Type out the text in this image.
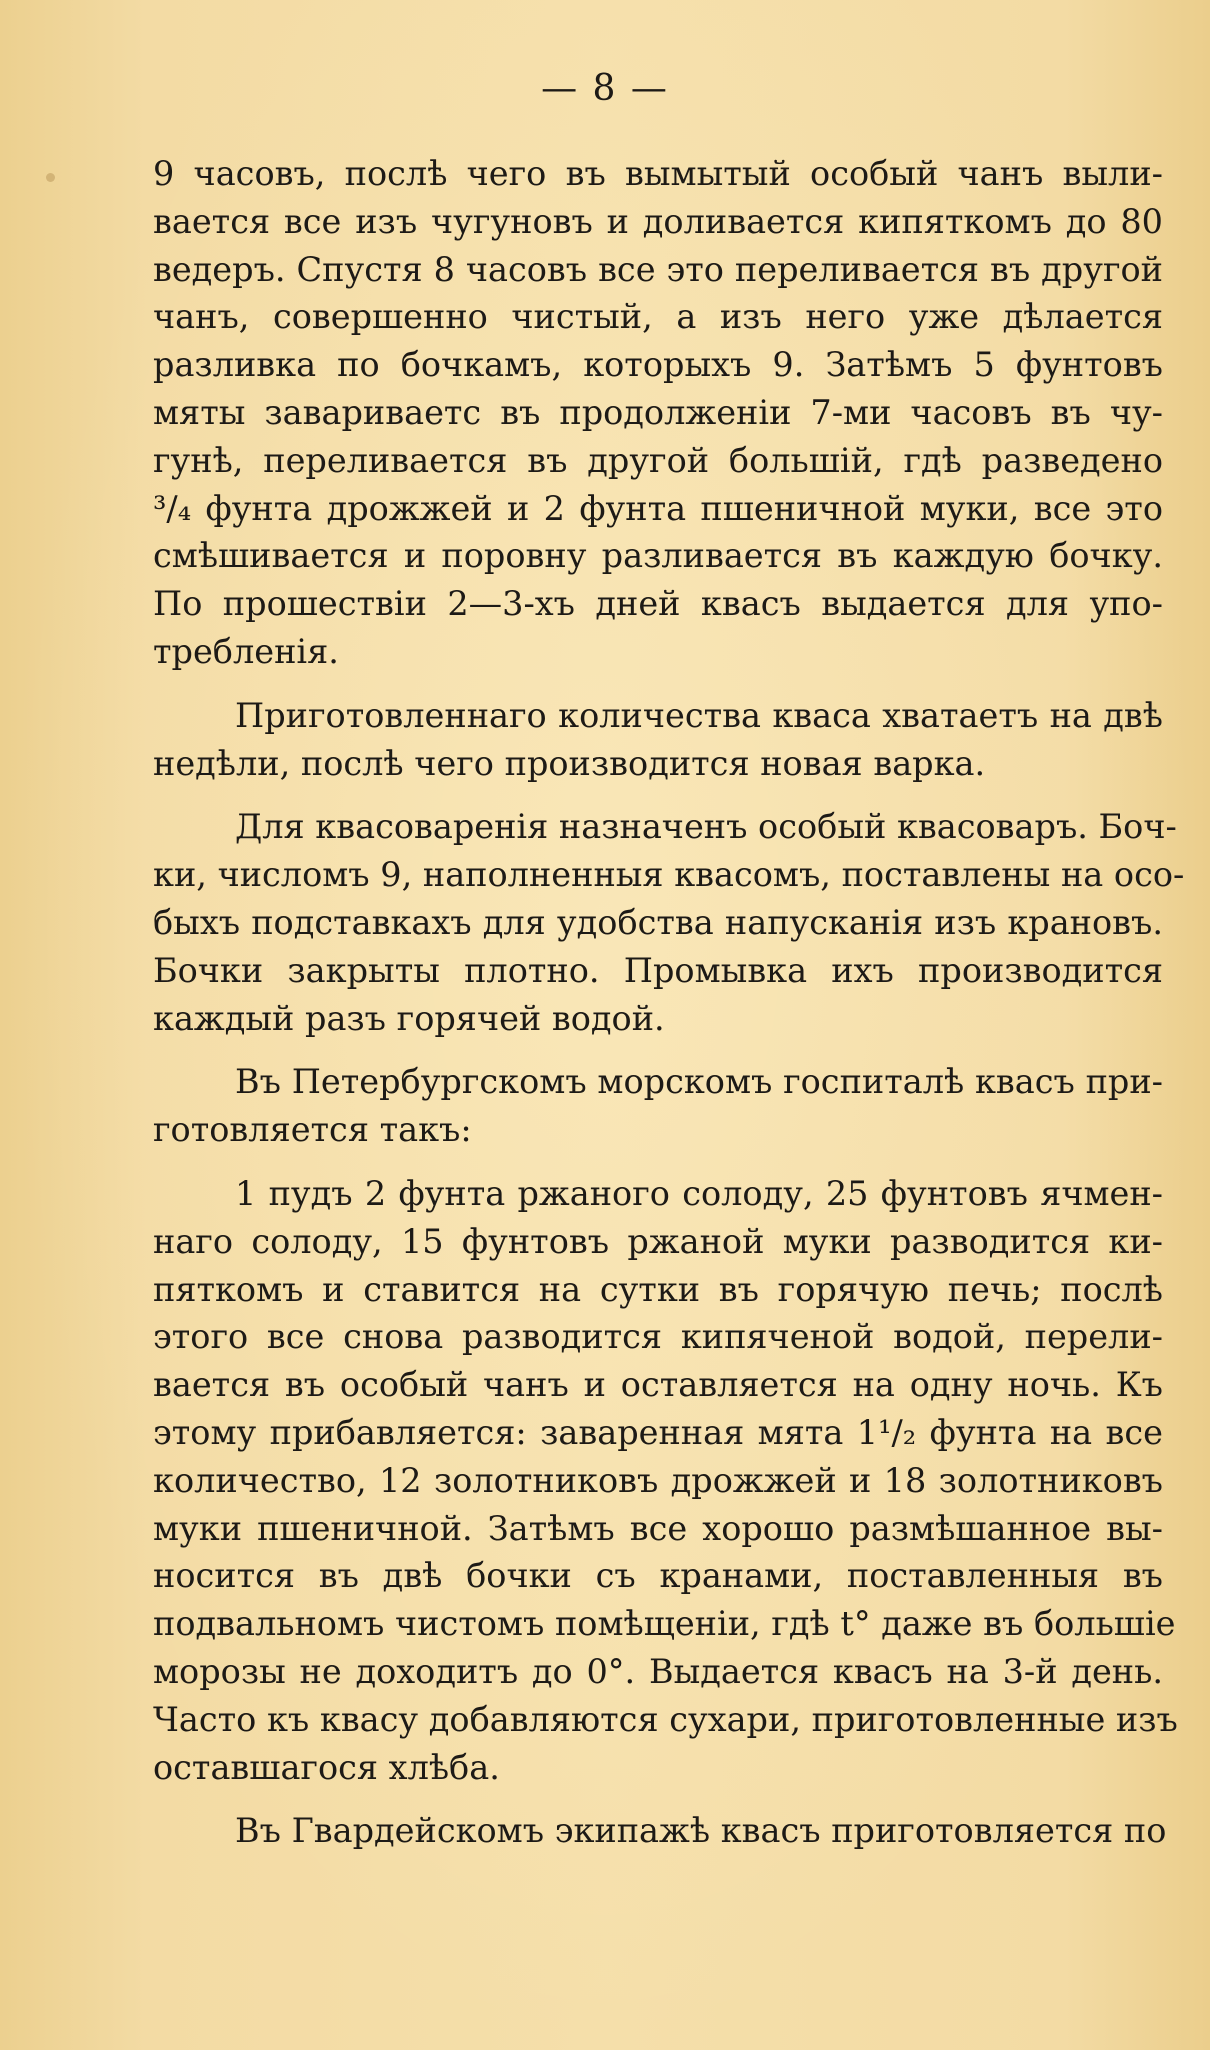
— 8 —
9 часовъ, послѣ чего въ вымытый особый чанъ выли-
вается все изъ чугуновъ и доливается кипяткомъ до 80
ведеръ. Спустя 8 часовъ все это переливается въ другой
чанъ, совершенно чистый, а изъ него уже дѣлается
разливка по бочкамъ, которыхъ 9. Затѣмъ 5 фунтовъ
мяты завариваетс въ продолженіи 7-ми часовъ въ чу-
гунѣ, переливается въ другой большій, гдѣ разведено
³/₄ фунта дрожжей и 2 фунта пшеничной муки, все это
смѣшивается и поровну разливается въ каждую бочку.
По прошествіи 2—3-хъ дней квасъ выдается для упо-
требленія.
Приготовленнаго количества кваса хватаетъ на двѣ
недѣли, послѣ чего производится новая варка.
Для квасоваренія назначенъ особый квасоваръ. Боч-
ки, числомъ 9, наполненныя квасомъ, поставлены на осо-
быхъ подставкахъ для удобства напусканія изъ крановъ.
Бочки закрыты плотно. Промывка ихъ производится
каждый разъ горячей водой.
Въ Петербургскомъ морскомъ госпиталѣ квасъ при-
готовляется такъ:
1 пудъ 2 фунта ржаного солоду, 25 фунтовъ ячмен-
наго солоду, 15 фунтовъ ржаной муки разводится ки-
пяткомъ и ставится на сутки въ горячую печь; послѣ
этого все снова разводится кипяченой водой, перели-
вается въ особый чанъ и оставляется на одну ночь. Къ
этому прибавляется: заваренная мята 1¹/₂ фунта на все
количество, 12 золотниковъ дрожжей и 18 золотниковъ
муки пшеничной. Затѣмъ все хорошо размѣшанное вы-
носится въ двѣ бочки съ кранами, поставленныя въ
подвальномъ чистомъ помѣщеніи, гдѣ t° даже въ большіе
морозы не доходитъ до 0°. Выдается квасъ на 3-й день.
Часто къ квасу добавляются сухари, приготовленные изъ
оставшагося хлѣба.
Въ Гвардейскомъ экипажѣ квасъ приготовляется по
